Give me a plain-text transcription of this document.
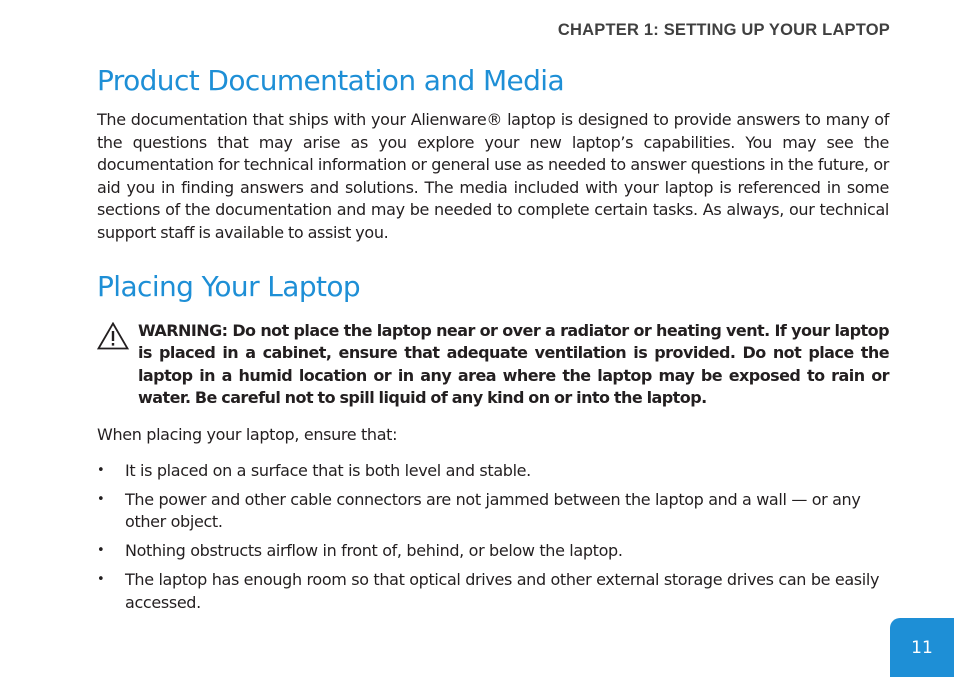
CHAPTER 1: SETTING UP YOUR LAPTOP
Product Documentation and Media

The documentation that ships with your Alienware® laptop is designed to provide answers to many of the questions that may arise as you explore your new laptop’s capabilities. You may see the documentation for technical information or general use as needed to answer questions in the future, or aid you in finding answers and solutions. The media included with your laptop is referenced in some sections of the documentation and may be needed to complete certain tasks. As always, our technical support staff is available to assist you.

Placing Your Laptop
WARNING: Do not place the laptop near or over a radiator or heating vent. If your laptop is placed in a cabinet, ensure that adequate ventilation is provided. Do not place the laptop in a humid location or in any area where the laptop may be exposed to rain or water. Be careful not to spill liquid of any kind on or into the laptop.

When placing your laptop, ensure that:

• It is placed on a surface that is both level and stable.
• The power and other cable connectors are not jammed between the laptop and a wall — or any other object.
• Nothing obstructs airflow in front of, behind, or below the laptop.
• The laptop has enough room so that optical drives and other external storage drives can be easily accessed.
11
